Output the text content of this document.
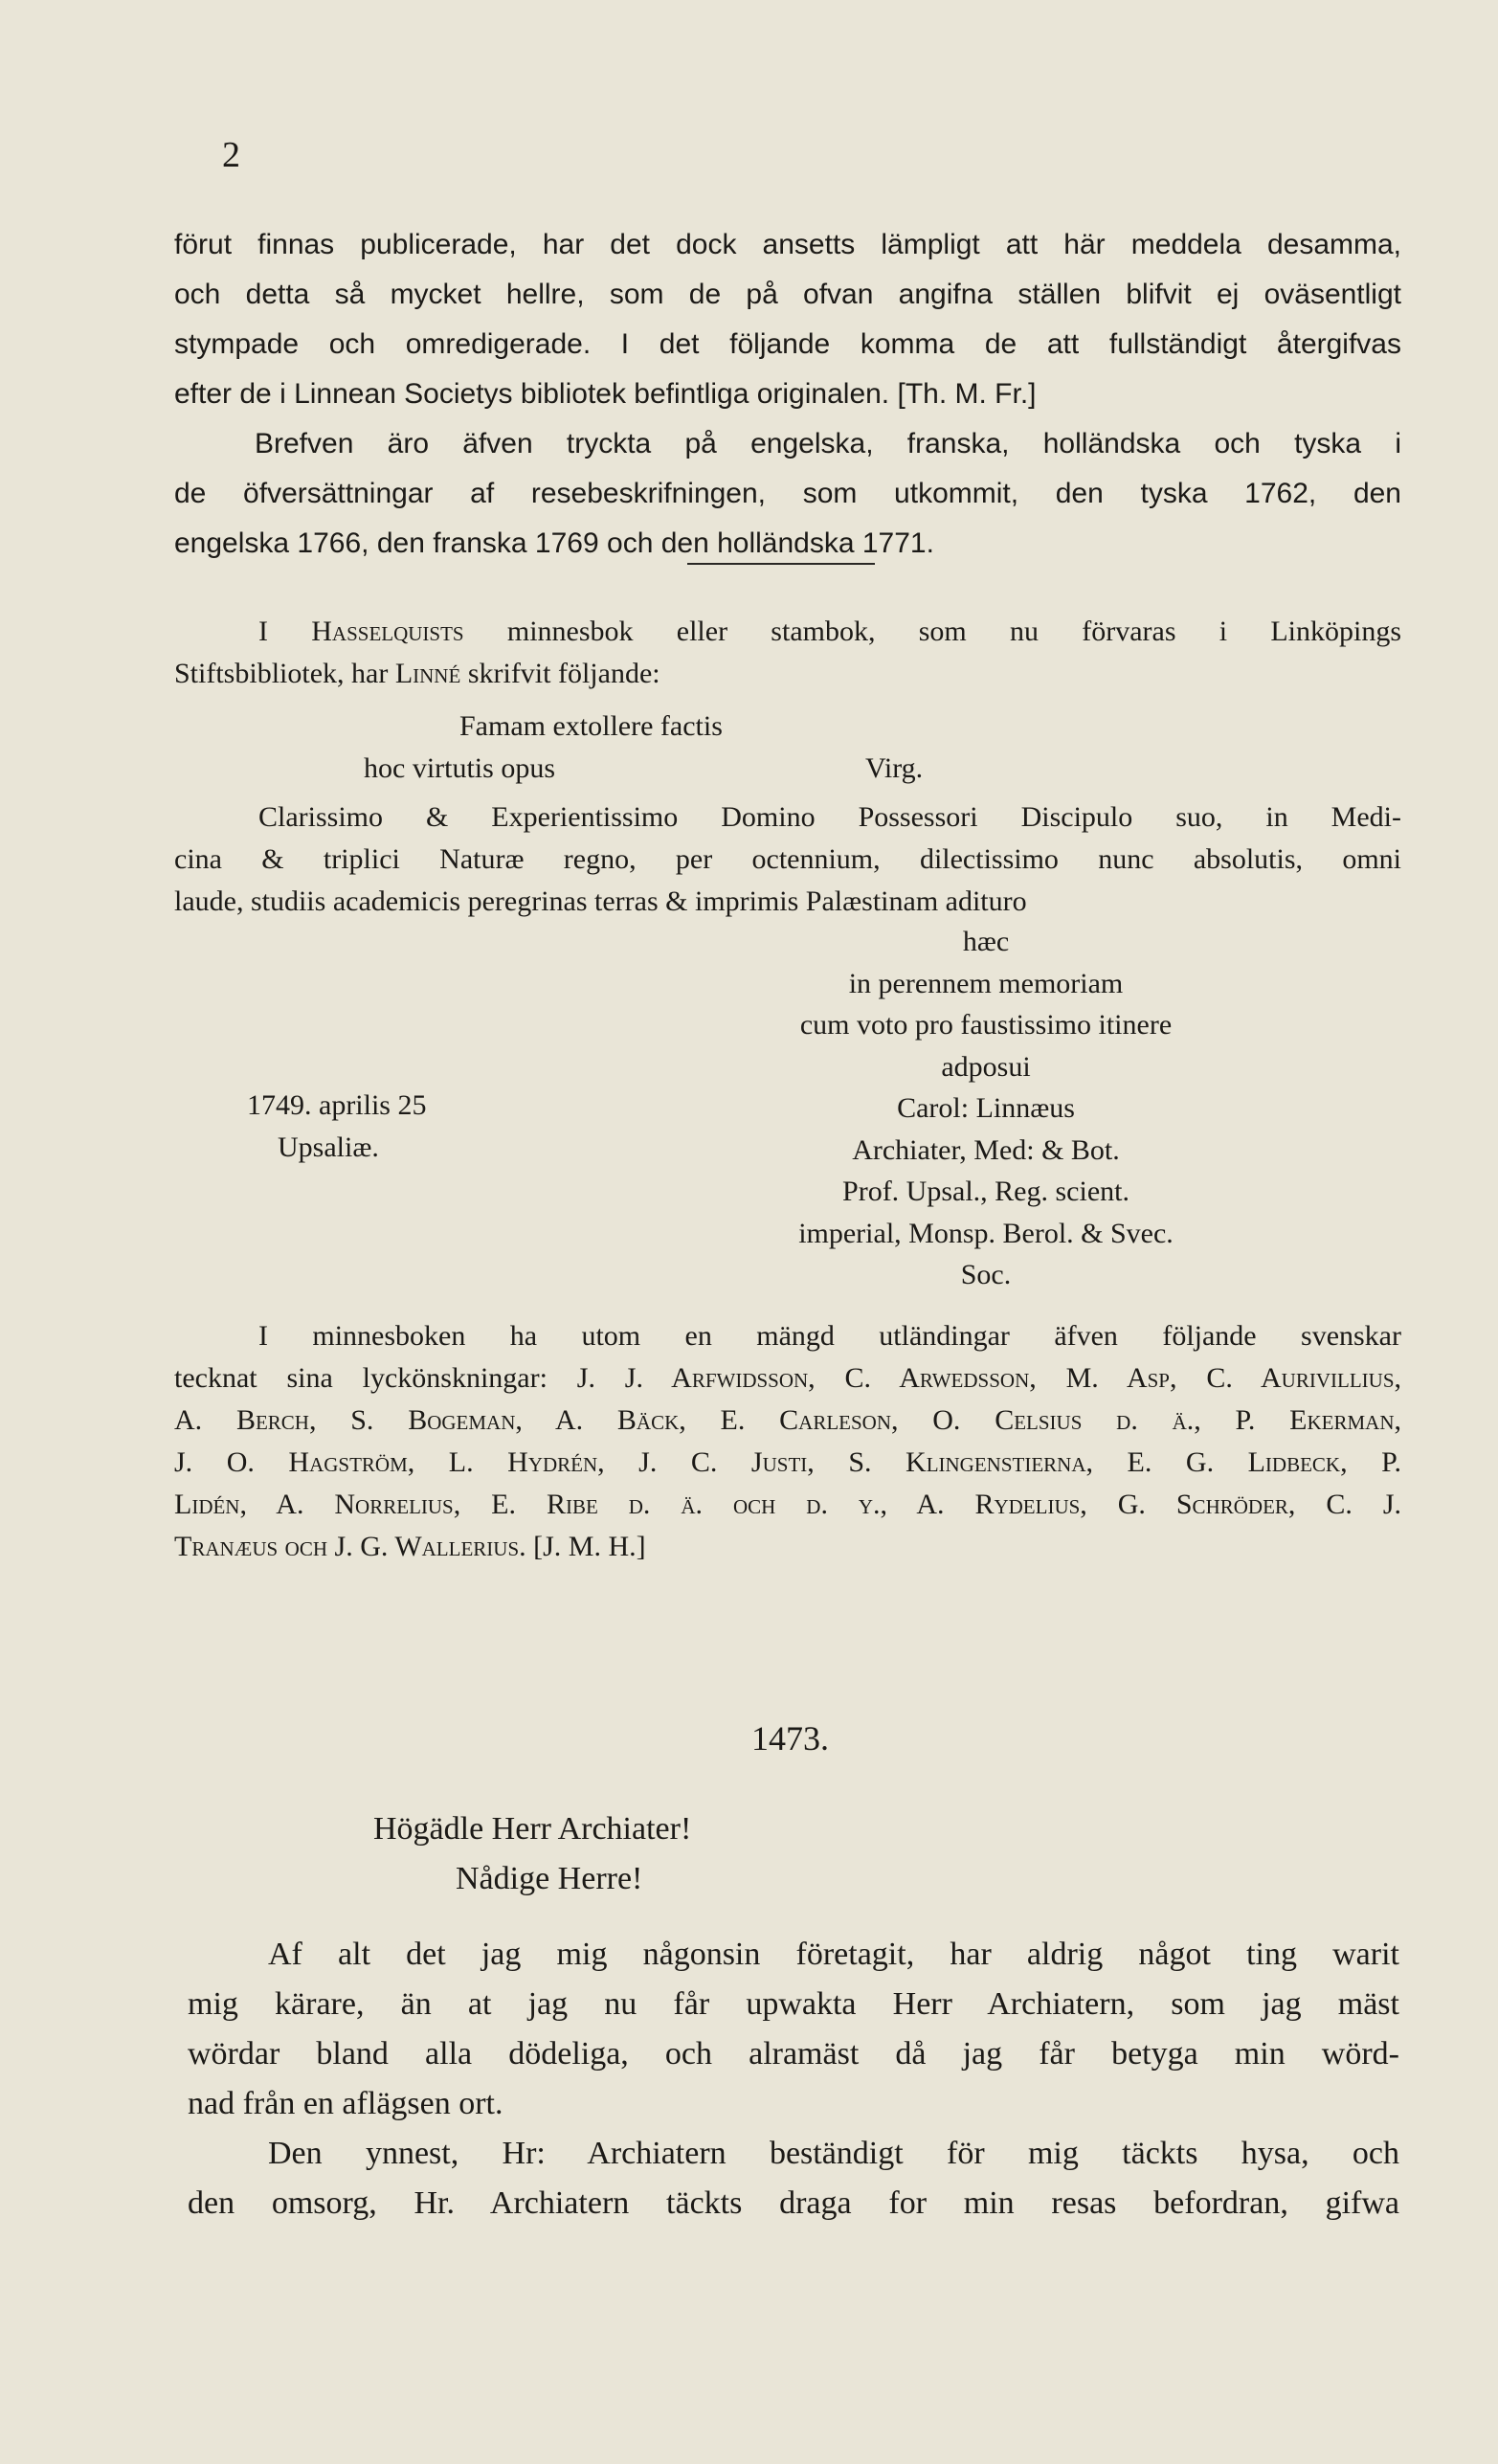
2
förut finnas publicerade, har det dock ansetts lämpligt att här meddela desamma,
och detta så mycket hellre, som de på ofvan angifna ställen blifvit ej oväsentligt
stympade och omredigerade. I det följande komma de att fullständigt återgifvas
efter de i Linnean Societys bibliotek befintliga originalen. [Th. M. Fr.]
Brefven äro äfven tryckta på engelska, franska, holländska och tyska i
de öfversättningar af resebeskrifningen, som utkommit, den tyska 1762, den
engelska 1766, den franska 1769 och den holländska 1771.
I Hasselquists minnesbok eller stambok, som nu förvaras i Linköpings
Stiftsbibliotek, har Linné skrifvit följande:
Famam extollere factis
hoc virtutis opus	Virg.
Clarissimo & Experientissimo Domino Possessori Discipulo suo, in Medi-
cina & triplici Naturæ regno, per octennium, dilectissimo nunc absolutis, omni
laude, studiis academicis peregrinas terras & imprimis Palæstinam adituro
hæc
in perennem memoriam
cum voto pro faustissimo itinere
adposui
Carol: Linnæus
Archiater, Med: & Bot.
Prof. Upsal., Reg. scient.
imperial, Monsp. Berol. & Svec.
Soc.
1749. aprilis 25
Upsaliæ.
I minnesboken ha utom en mängd utländingar äfven följande svenskar
tecknat sina lyckönskningar: J. J. Arfwidsson, C. Arwedsson, M. Asp, C. Aurivillius,
A. Berch, S. Bogeman, A. Bäck, E. Carleson, O. Celsius d. ä., P. Ekerman,
J. O. Hagström, L. Hydrén, J. C. Justi, S. Klingenstierna, E. G. Lidbeck, P.
Lidén, A. Norrelius, E. Ribe d. ä. och d. y., A. Rydelius, G. Schröder, C. J.
Tranæus och J. G. Wallerius. [J. M. H.]
1473.
Högädle Herr Archiater!
Nådige Herre!
Af alt det jag mig någonsin företagit, har aldrig något ting warit
mig kärare, än at jag nu får upwakta Herr Archiatern, som jag mäst
wördar bland alla dödeliga, och alramäst då jag får betyga min wörd-
nad från en aflägsen ort.
Den ynnest, Hr: Archiatern beständigt för mig täckts hysa, och
den omsorg, Hr. Archiatern täckts draga for min resas befordran, gifwa
